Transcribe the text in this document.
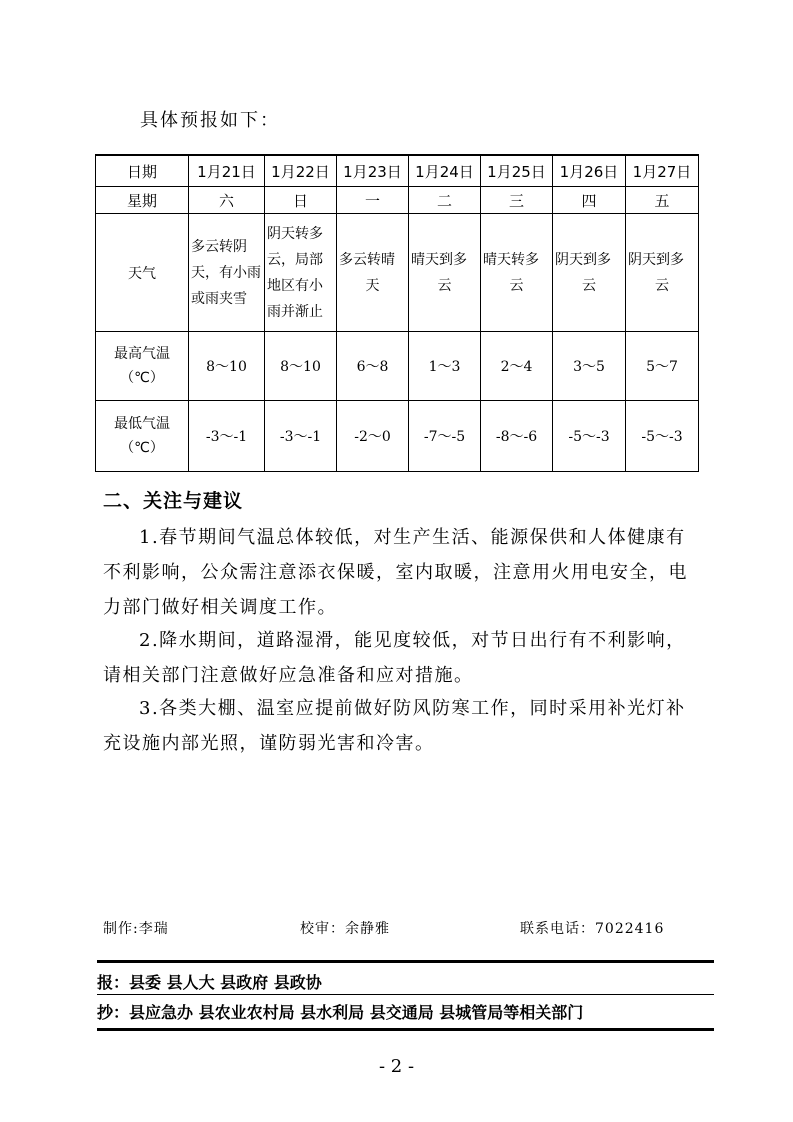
具体预报如下：
日期	1月21日	1月22日	1月23日	1月24日	1月25日	1月26日	1月27日
星期	六	日	一	二	三	四	五
天气	多云转阴
天，有小雨
或雨夹雪	阴天转多
云，局部
地区有小
雨并渐止	多云转晴
天	晴天到多
云	晴天转多
云	阴天到多
云	阴天到多
云

最高气温
（℃）	8～10	8～10	6～8	1～3	2～4	3～5	5～7

最低气温
（℃）	-3～-1	-3～-1	-2～0	-7～-5	-8～-6	-5～-3	-5～-3
二、关注与建议

1.春节期间气温总体较低，对生产生活、能源保供和人体健康有不利影响，公众需注意添衣保暖，室内取暖，注意用火用电安全，电力部门做好相关调度工作。

2.降水期间，道路湿滑，能见度较低，对节日出行有不利影响，请相关部门注意做好应急准备和应对措施。

3.各类大棚、温室应提前做好防风防寒工作，同时采用补光灯补充设施内部光照，谨防弱光害和冷害。

制作:李瑞	校审：余静雅	联系电话：7022416
报：县委 县人大 县政府 县政协
抄：县应急办 县农业农村局 县水利局 县交通局 县城管局等相关部门
- 2 -
